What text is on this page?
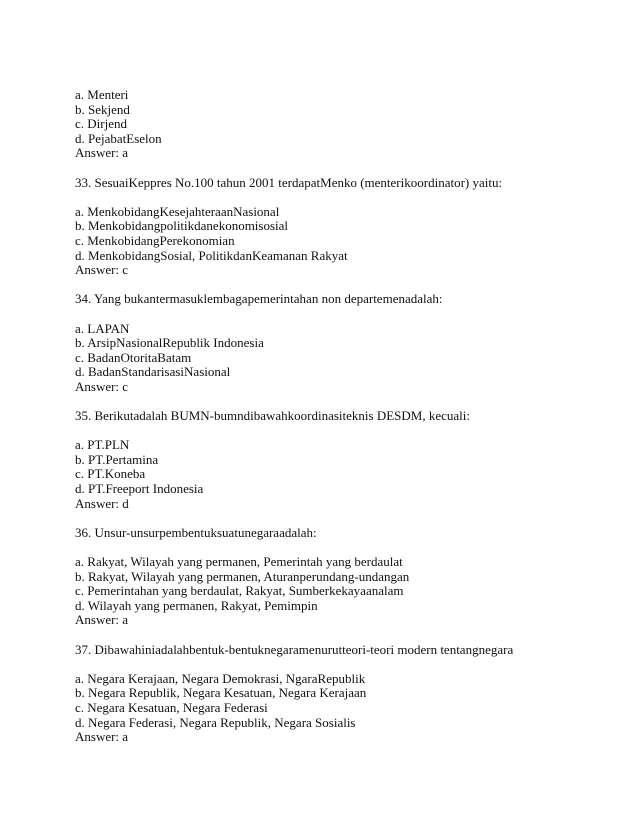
a. Menteri
b. Sekjend
c. Dirjend
d. PejabatEselon
Answer: a
33. SesuaiKeppres No.100 tahun 2001 terdapatMenko (menterikoordinator) yaitu:
a. MenkobidangKesejahteraanNasional
b. Menkobidangpolitikdanekonomisosial
c. MenkobidangPerekonomian
d. MenkobidangSosial, PolitikdanKeamanan Rakyat
Answer: c
34. Yang bukantermasuklembagapemerintahan non departemenadalah:
a. LAPAN
b. ArsipNasionalRepublik Indonesia
c. BadanOtoritaBatam
d. BadanStandarisasiNasional
Answer: c
35. Berikutadalah BUMN-bumndibawahkoordinasiteknis DESDM, kecuali:
a. PT.PLN
b. PT.Pertamina
c. PT.Koneba
d. PT.Freeport Indonesia
Answer: d
36. Unsur-unsurpembentuksuatunegaraadalah:
a. Rakyat, Wilayah yang permanen, Pemerintah yang berdaulat
b. Rakyat, Wilayah yang permanen, Aturanperundang-undangan
c. Pemerintahan yang berdaulat, Rakyat, Sumberkekayaanalam
d. Wilayah yang permanen, Rakyat, Pemimpin
Answer: a
37. Dibawahiniadalahbentuk-bentuknegaramenurutteori-teori modern tentangnegara
a. Negara Kerajaan, Negara Demokrasi, NgaraRepublik
b. Negara Republik, Negara Kesatuan, Negara Kerajaan
c. Negara Kesatuan, Negara Federasi
d. Negara Federasi, Negara Republik, Negara Sosialis
Answer: a
